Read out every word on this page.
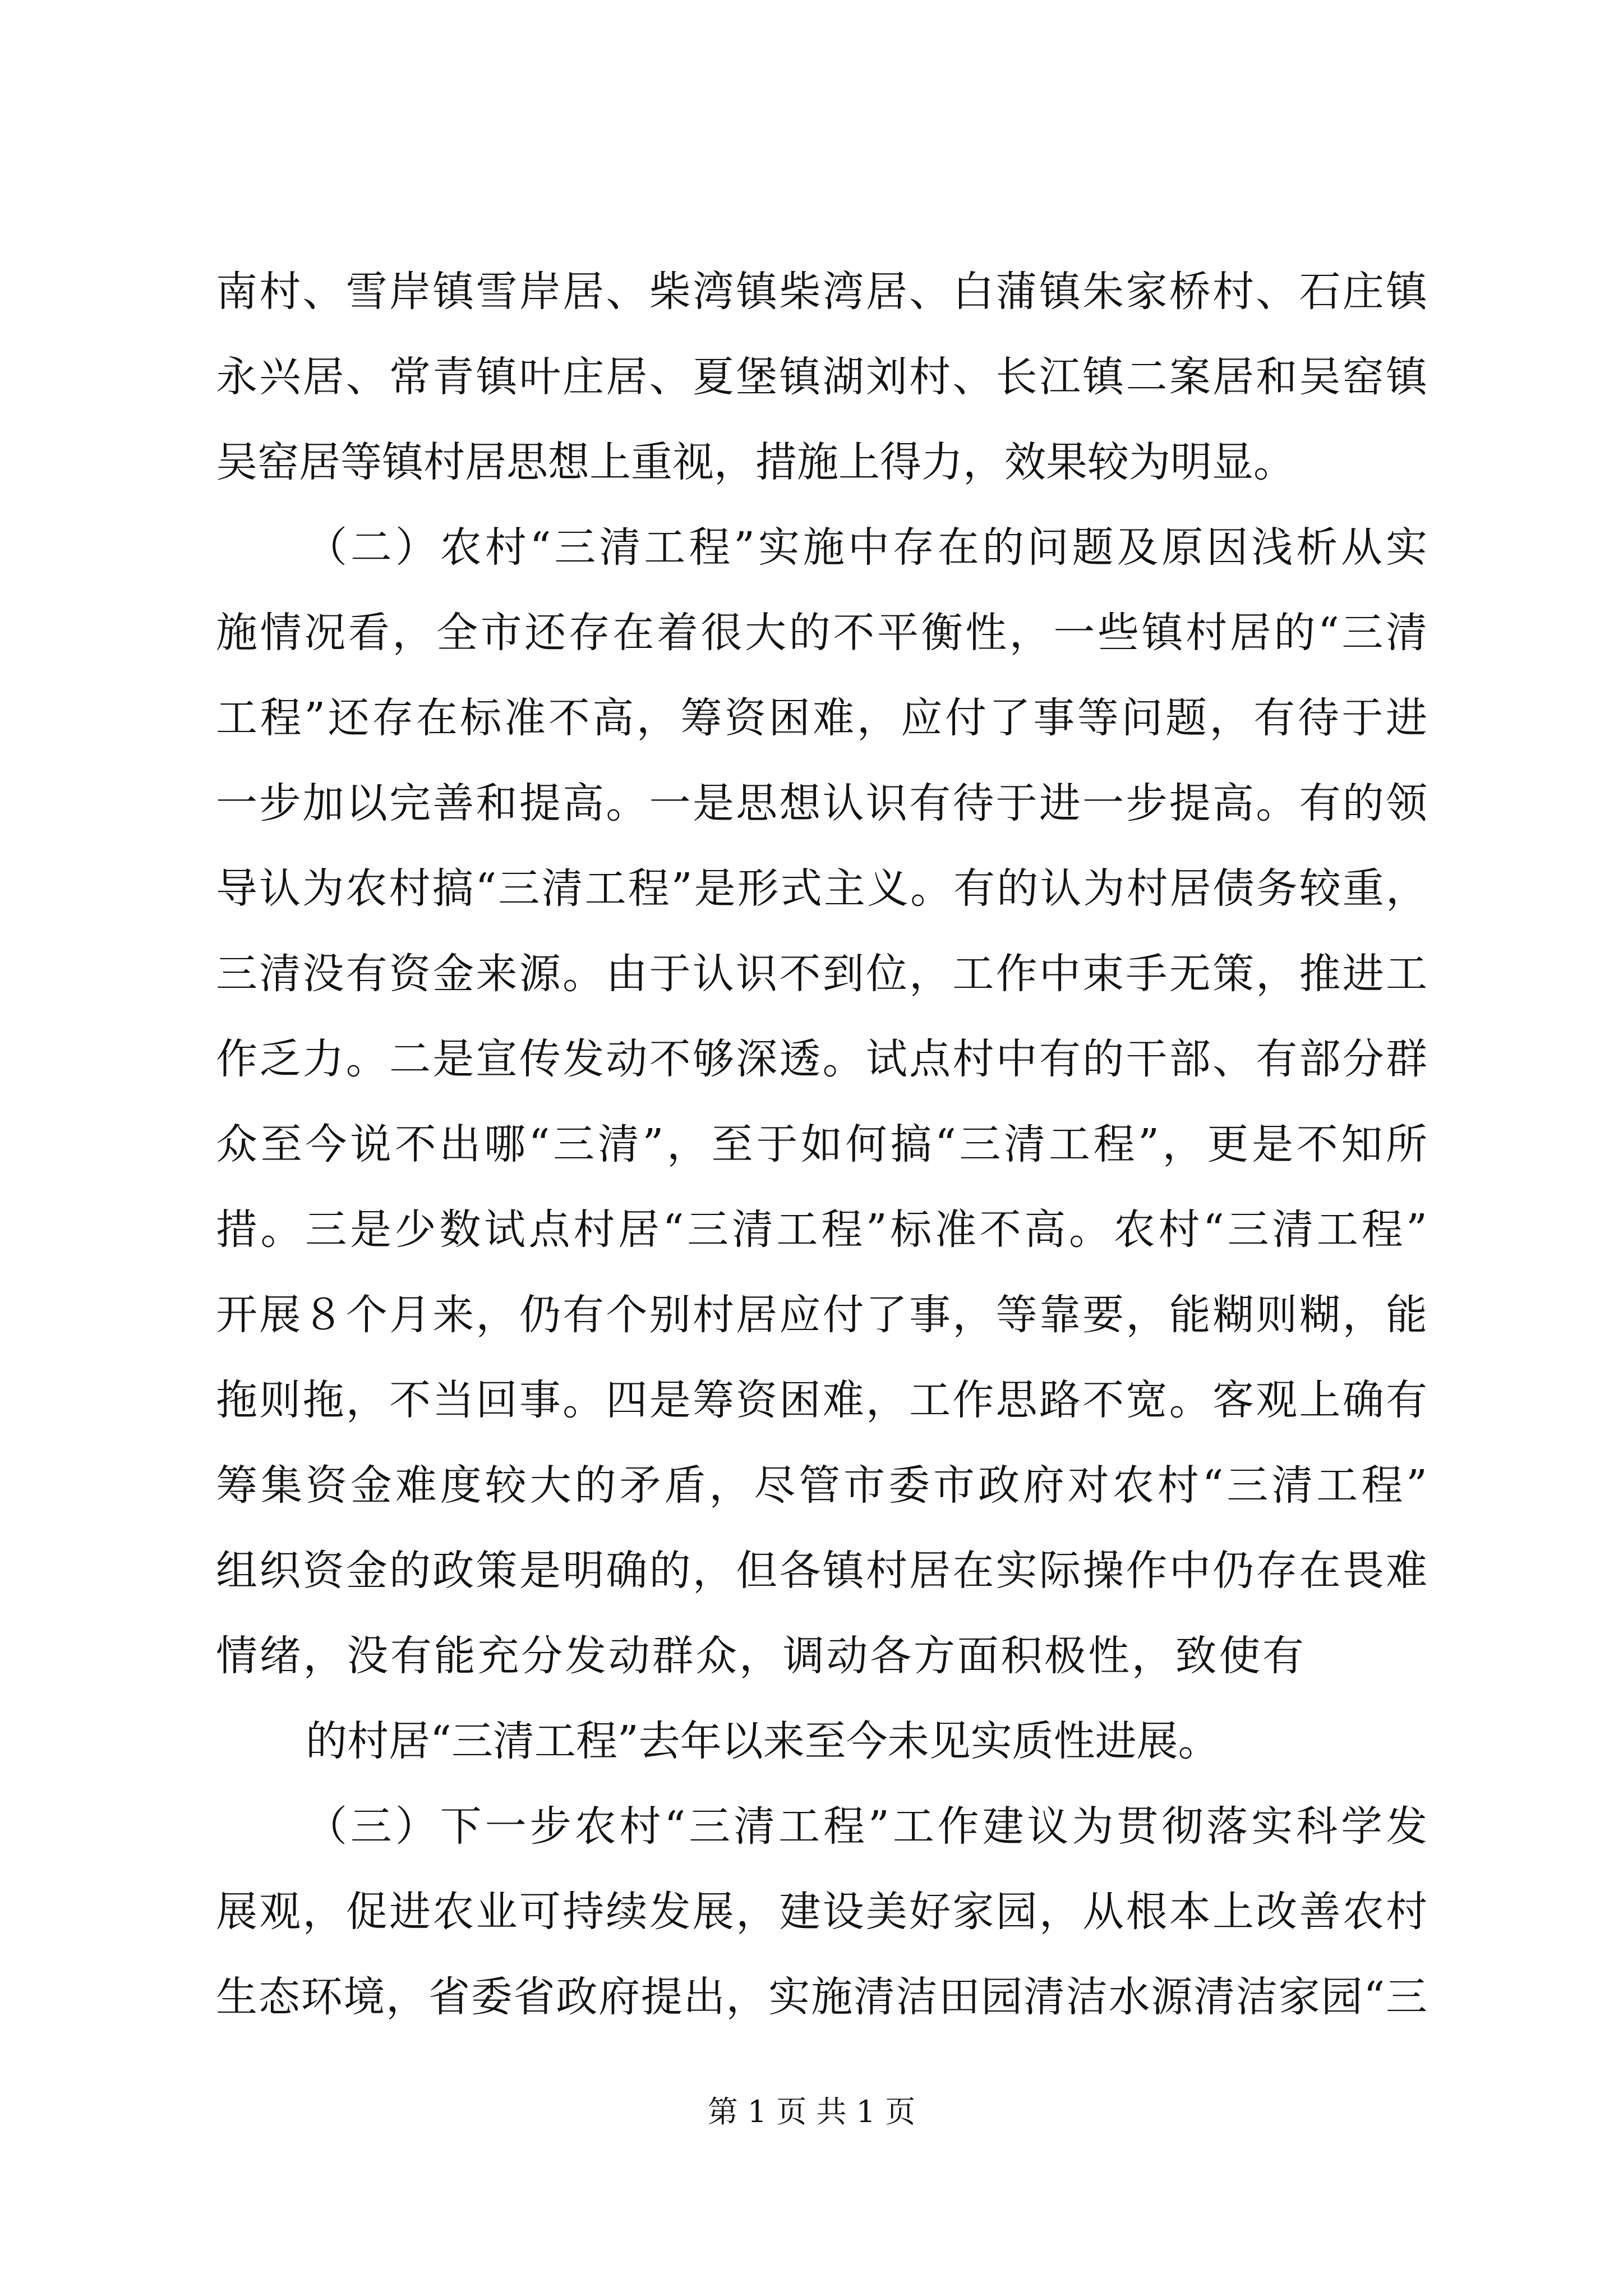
南村、雪岸镇雪岸居、柴湾镇柴湾居、白蒲镇朱家桥村、石庄镇
永兴居、常青镇叶庄居、夏堡镇湖刘村、长江镇二案居和吴窑镇
吴窑居等镇村居思想上重视，措施上得力，效果较为明显。
（二）农村“三清工程”实施中存在的问题及原因浅析从实
施情况看，全市还存在着很大的不平衡性，一些镇村居的“三清
工程”还存在标准不高，筹资困难，应付了事等问题，有待于进
一步加以完善和提高。一是思想认识有待于进一步提高。有的领
导认为农村搞“三清工程”是形式主义。有的认为村居债务较重，
三清没有资金来源。由于认识不到位，工作中束手无策，推进工
作乏力。二是宣传发动不够深透。试点村中有的干部、有部分群
众至今说不出哪“三清”，至于如何搞“三清工程”，更是不知所
措。三是少数试点村居“三清工程”标准不高。农村“三清工程”
开展８个月来，仍有个别村居应付了事，等靠要，能糊则糊，能
拖则拖，不当回事。四是筹资困难，工作思路不宽。客观上确有
筹集资金难度较大的矛盾，尽管市委市政府对农村“三清工程”
组织资金的政策是明确的，但各镇村居在实际操作中仍存在畏难
情绪，没有能充分发动群众，调动各方面积极性，致使有
的村居“三清工程”去年以来至今未见实质性进展。
（三）下一步农村“三清工程”工作建议为贯彻落实科学发
展观，促进农业可持续发展，建设美好家园，从根本上改善农村
生态环境，省委省政府提出，实施清洁田园清洁水源清洁家园“三
第 1 页 共 1 页
